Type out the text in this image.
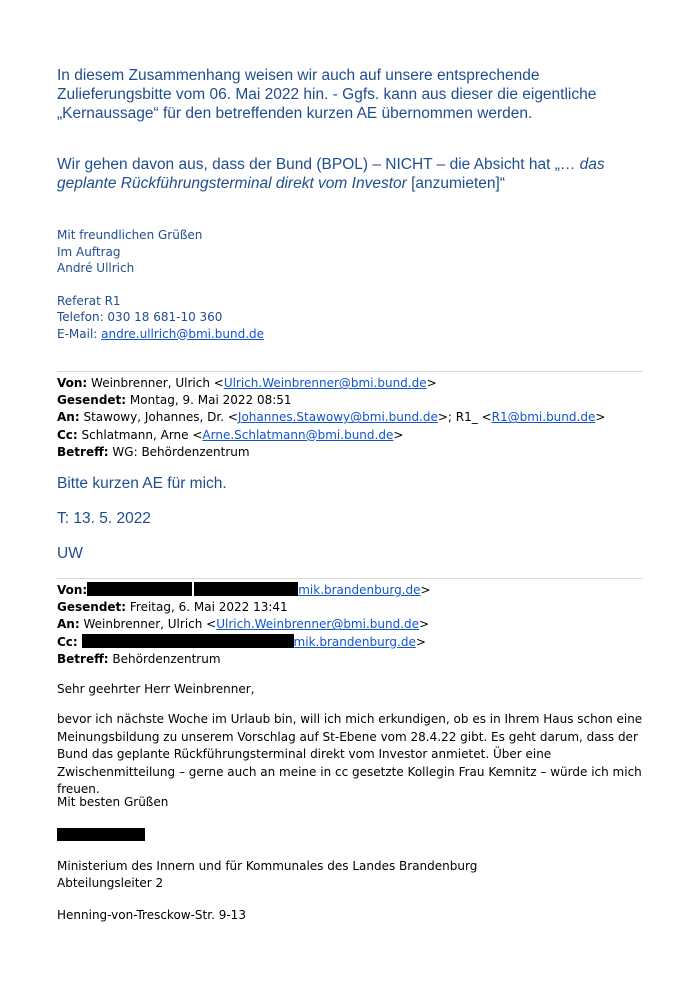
In diesem Zusammenhang weisen wir auch auf unsere entsprechende Zulieferungsbitte vom 06. Mai 2022 hin. - Ggfs. kann aus dieser die eigentliche „Kernaussage“ für den betreffenden kurzen AE übernommen werden.
Wir gehen davon aus, dass der Bund (BPOL) – NICHT – die Absicht hat „… das geplante Rückführungsterminal direkt vom Investor [anzumieten]“
Mit freundlichen Grüßen
Im Auftrag
André Ullrich
Referat R1
Telefon: 030 18 681-10 360
E-Mail: andre.ullrich@bmi.bund.de
Von: Weinbrenner, Ulrich <Ulrich.Weinbrenner@bmi.bund.de>
Gesendet: Montag, 9. Mai 2022 08:51
An: Stawowy, Johannes, Dr. <Johannes.Stawowy@bmi.bund.de>; R1_ <R1@bmi.bund.de>
Cc: Schlatmann, Arne <Arne.Schlatmann@bmi.bund.de>
Betreff: WG: Behördenzentrum
Bitte kurzen AE für mich.
T: 13. 5. 2022
UW
Von:	mik.brandenburg.de>
Gesendet: Freitag, 6. Mai 2022 13:41
An: Weinbrenner, Ulrich <Ulrich.Weinbrenner@bmi.bund.de>
Cc:	mik.brandenburg.de>
Betreff: Behördenzentrum
Sehr geehrter Herr Weinbrenner,
bevor ich nächste Woche im Urlaub bin, will ich mich erkundigen, ob es in Ihrem Haus schon eine Meinungsbildung zu unserem Vorschlag auf St-Ebene vom 28.4.22 gibt. Es geht darum, dass der Bund das geplante Rückführungsterminal direkt vom Investor anmietet. Über eine Zwischenmitteilung – gerne auch an meine in cc gesetzte Kollegin Frau Kemnitz – würde ich mich freuen.
Mit besten Grüßen
Ministerium des Innern und für Kommunales des Landes Brandenburg
Abteilungsleiter 2
Henning-von-Tresckow-Str. 9-13
